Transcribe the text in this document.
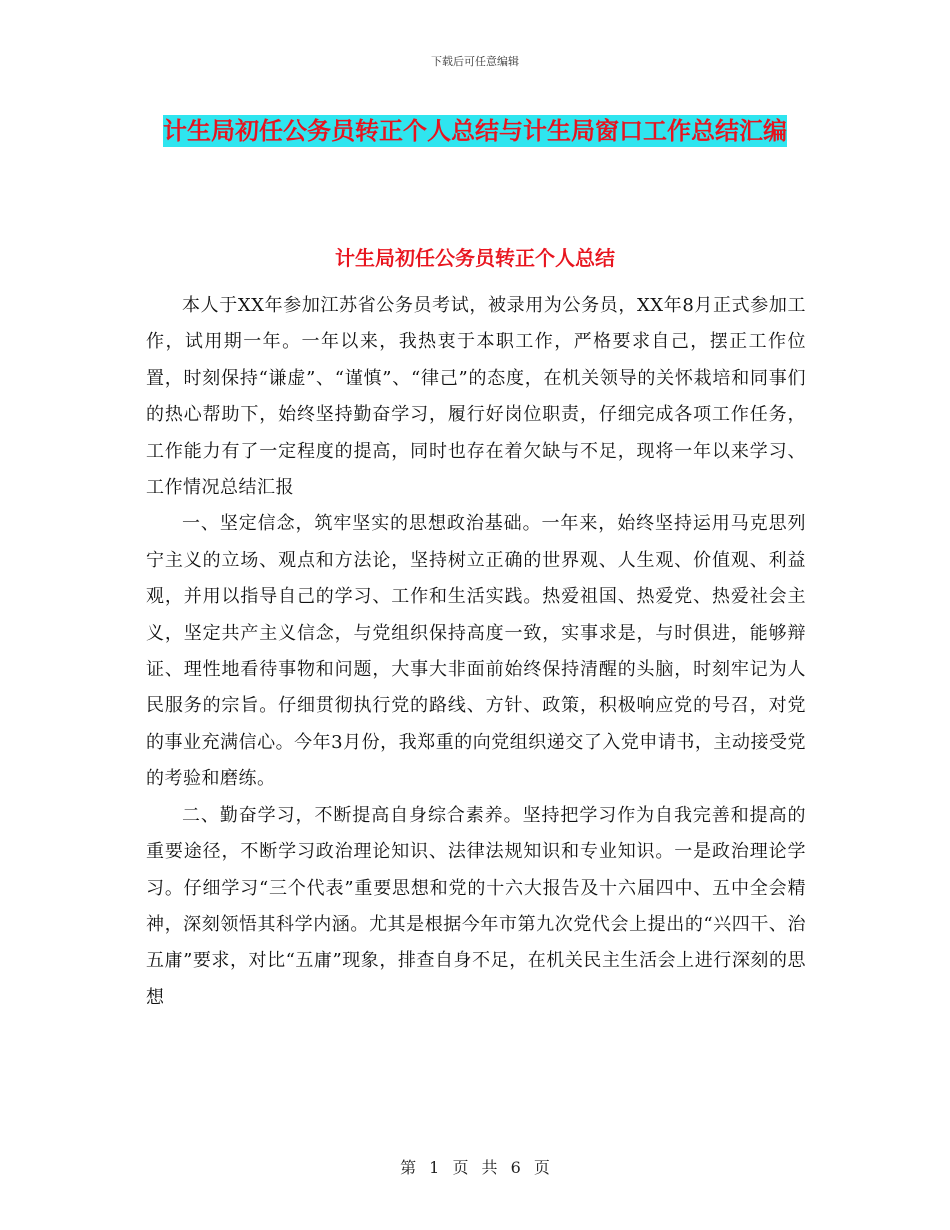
下载后可任意编辑
计生局初任公务员转正个人总结与计生局窗口工作总结汇编
计生局初任公务员转正个人总结

本人于XX年参加江苏省公务员考试，被录用为公务员，XX年8月正式参加工作，试用期一年。一年以来，我热衷于本职工作，严格要求自己，摆正工作位置，时刻保持“谦虚”、“谨慎”、“律己”的态度，在机关领导的关怀栽培和同事们的热心帮助下，始终坚持勤奋学习，履行好岗位职责，仔细完成各项工作任务，工作能力有了一定程度的提高，同时也存在着欠缺与不足，现将一年以来学习、工作情况总结汇报

一、坚定信念，筑牢坚实的思想政治基础。一年来，始终坚持运用马克思列宁主义的立场、观点和方法论，坚持树立正确的世界观、人生观、价值观、利益观，并用以指导自己的学习、工作和生活实践。热爱祖国、热爱党、热爱社会主义，坚定共产主义信念，与党组织保持高度一致，实事求是，与时俱进，能够辩证、理性地看待事物和问题，大事大非面前始终保持清醒的头脑，时刻牢记为人民服务的宗旨。仔细贯彻执行党的路线、方针、政策，积极响应党的号召，对党的事业充满信心。今年3月份，我郑重的向党组织递交了入党申请书，主动接受党的考验和磨练。

二、勤奋学习，不断提高自身综合素养。坚持把学习作为自我完善和提高的重要途径，不断学习政治理论知识、法律法规知识和专业知识。一是政治理论学习。仔细学习“三个代表”重要思想和党的十六大报告及十六届四中、五中全会精神，深刻领悟其科学内涵。尤其是根据今年市第九次党代会上提出的“兴四干、治五庸”要求，对比“五庸”现象，排查自身不足，在机关民主生活会上进行深刻的思想

第 1 页 共 6 页
